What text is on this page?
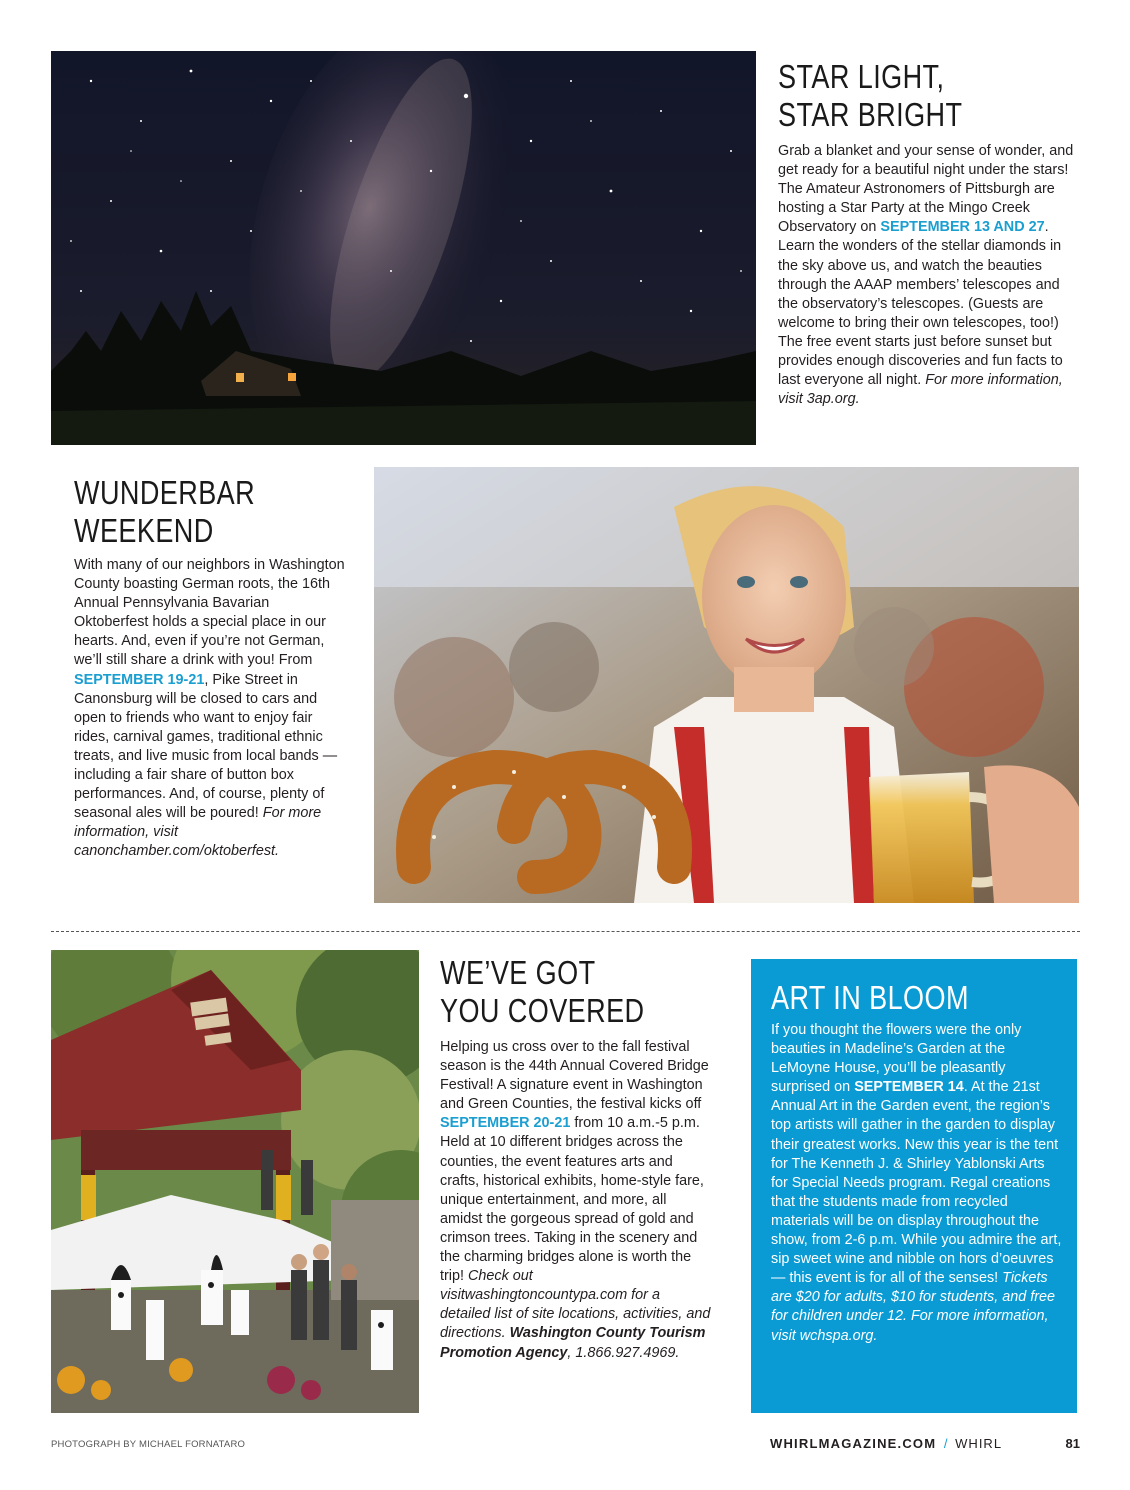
STAR LIGHT,
STAR BRIGHT

Grab a blanket and your sense of wonder, and get ready for a beautiful night under the stars! The Amateur Astronomers of Pittsburgh are hosting a Star Party at the Mingo Creek Observatory on SEPTEMBER 13 AND 27. Learn the wonders of the stellar diamonds in the sky above us, and watch the beauties through the AAAP members’ telescopes and the observatory’s telescopes. (Guests are welcome to bring their own telescopes, too!) The free event starts just before sunset but provides enough discoveries and fun facts to last everyone all night. For more information, visit 3ap.org.

WUNDERBAR
WEEKEND

With many of our neighbors in Washington County boasting German roots, the 16th Annual Pennsylvania Bavarian Oktoberfest holds a special place in our hearts. And, even if you’re not German, we’ll still share a drink with you! From SEPTEMBER 19-21, Pike Street in Canonsburg will be closed to cars and open to friends who want to enjoy fair rides, carnival games, traditional ethnic treats, and live music from local bands — including a fair share of button box performances. And, of course, plenty of seasonal ales will be poured! For more information, visit canonchamber.com/oktoberfest.

WE’VE GOT
YOU COVERED

Helping us cross over to the fall festival season is the 44th Annual Covered Bridge Festival! A signature event in Washington and Green Counties, the festival kicks off SEPTEMBER 20-21 from 10 a.m.-5 p.m. Held at 10 different bridges across the counties, the event features arts and crafts, historical exhibits, home-style fare, unique entertainment, and more, all amidst the gorgeous spread of gold and crimson trees. Taking in the scenery and the charming bridges alone is worth the trip! Check out visitwashingtoncountypa.com for a detailed list of site locations, activities, and directions. Washington County Tourism Promotion Agency, 1.866.927.4969.

ART IN BLOOM

If you thought the flowers were the only beauties in Madeline’s Garden at the LeMoyne House, you’ll be pleasantly surprised on SEPTEMBER 14. At the 21st Annual Art in the Garden event, the region’s top artists will gather in the garden to display their greatest works. New this year is the tent for The Kenneth J. & Shirley Yablonski Arts for Special Needs program. Regal creations that the students made from recycled materials will be on display throughout the show, from 2-6 p.m. While you admire the art, sip sweet wine and nibble on hors d’oeuvres — this event is for all of the senses! Tickets are $20 for adults, $10 for students, and free for children under 12. For more information, visit wchspa.org.

PHOTOGRAPH BY MICHAEL FORNATARO	WHIRLMAGAZINE.COM / WHIRL	81
